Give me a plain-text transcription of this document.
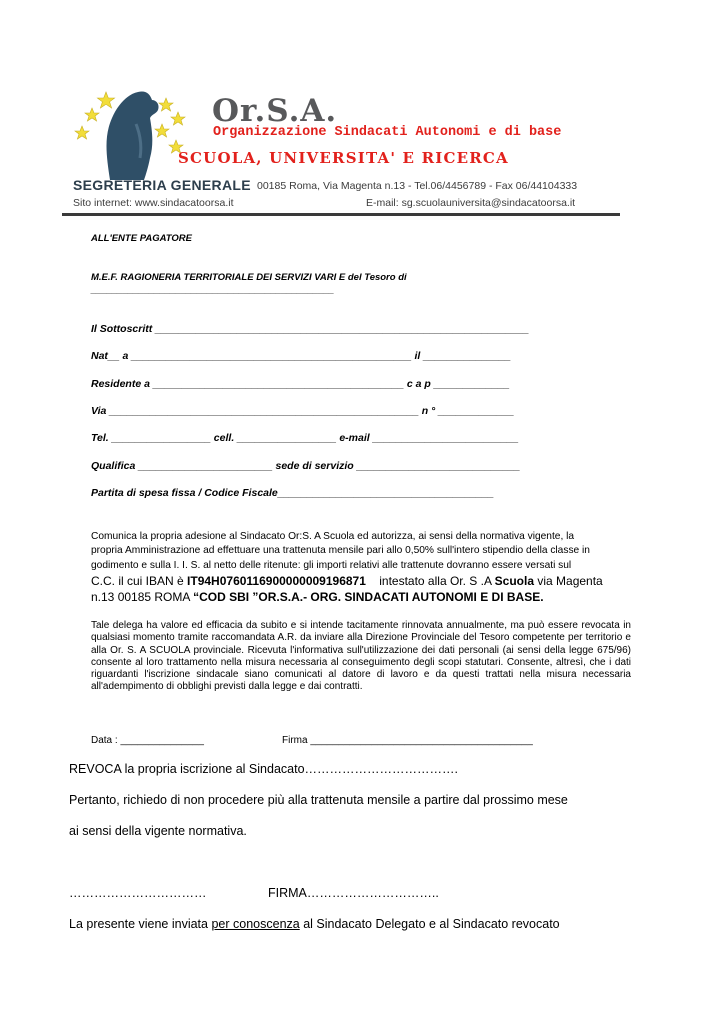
Or.S.A.
Organizzazione Sindacati Autonomi e di base
SCUOLA, UNIVERSITA' E RICERCA
SEGRETERIA GENERALE 00185 Roma, Via Magenta n.13 - Tel.06/4456789 - Fax 06/44104333
Sito internet: www.sindacatoorsa.it	E-mail: sg.scuolauniversita@sindacatoorsa.it
ALL'ENTE PAGATORE
M.E.F. RAGIONERIA TERRITORIALE DEI SERVIZI VARI E del Tesoro di
______________________________________________
Il Sottoscritt ________________________________________________________________
Nat__ a ________________________________________________ il _______________
Residente a ___________________________________________ c a p _____________
Via _____________________________________________________ n ° _____________
Tel. _________________ cell. _________________ e-mail _________________________
Qualifica _______________________ sede di servizio ____________________________
Partita di spesa fissa / Codice Fiscale_____________________________________
Comunica la propria adesione al Sindacato Or:S. A Scuola ed autorizza, ai sensi della normativa vigente, la
propria Amministrazione ad effettuare una trattenuta mensile pari allo 0,50% sull'intero stipendio della classe in
godimento e sulla I. I. S. al netto delle ritenute: gli importi relativi alle trattenute dovranno essere versati sul
C.C. il cui IBAN è IT94H0760116900000009196871 intestato alla Or. S .A Scuola via Magenta
n.13 00185 ROMA “COD SBI ”OR.S.A.- ORG. SINDACATI AUTONOMI E DI BASE.
Tale delega ha valore ed efficacia da subito e si intende tacitamente rinnovata annualmente, ma può essere revocata in qualsiasi momento tramite raccomandata A.R. da inviare alla Direzione Provinciale del Tesoro competente per territorio e alla Or. S. A SCUOLA provinciale. Ricevuta l'informativa sull'utilizzazione dei dati personali (ai sensi della legge 675/96) consente al loro trattamento nella misura necessaria al conseguimento degli scopi statutari. Consente, altresì, che i dati riguardanti l'iscrizione sindacale siano comunicati al datore di lavoro e da questi trattati nella misura necessaria all'adempimento di obblighi previsti dalla legge e dai contratti.
Data : _______________	Firma ________________________________________
REVOCA la propria iscrizione al Sindacato……………………………….
Pertanto, richiedo di non procedere più alla trattenuta mensile a partire dal prossimo mese
ai sensi della vigente normativa.
……………………………	FIRMA…………………………..
La presente viene inviata per conoscenza al Sindacato Delegato e al Sindacato revocato
